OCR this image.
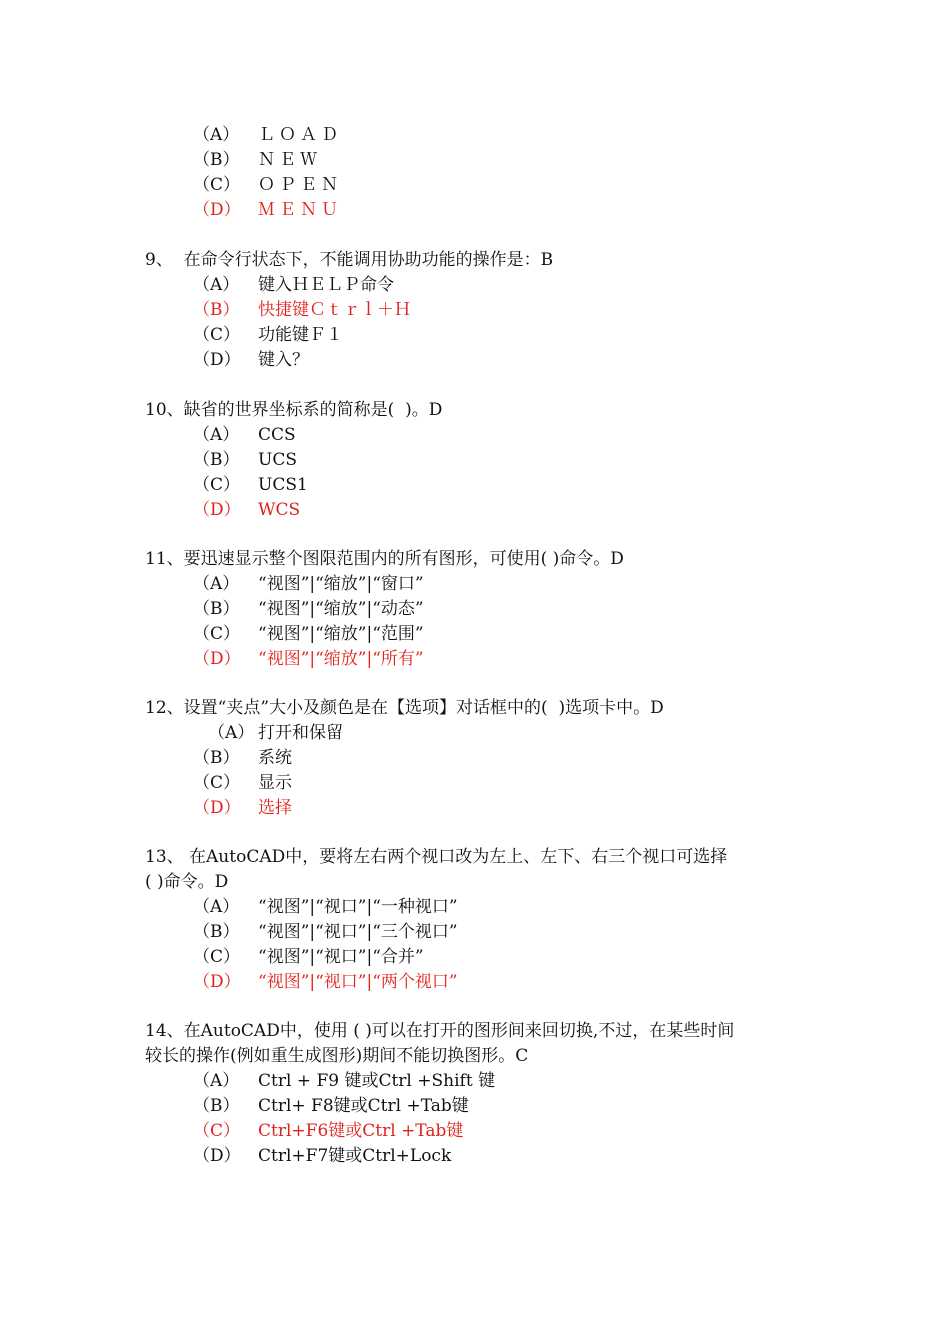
（A）	ＬＯＡＤ
（B）	ＮＥＷ
（C）	ＯＰＥＮ
（D）	ＭＥＮＵ
9、  在命令行状态下，不能调用协助功能的操作是：B
（A）	键入ＨＥＬＰ命令
（B）	快捷键Ｃｔｒｌ＋Ｈ
（C）	功能键Ｆ１
（D）	键入？
10、缺省的世界坐标系的简称是(  )。D
（A）	CCS
（B）	UCS
（C）	UCS1
（D）	WCS
11、要迅速显示整个图限范围内的所有图形，可使用( )命令。D
（A）	“视图”|“缩放”|“窗口”
（B）	“视图”|“缩放”|“动态”
（C）	“视图”|“缩放”|“范围”
（D）	“视图”|“缩放”|“所有”
12、设置“夹点”大小及颜色是在【选项】对话框中的(  )选项卡中。D
（A） 打开和保留
（B）	系统
（C）	显示
（D）	选择
13、 在AutoCAD中，要将左右两个视口改为左上、左下、右三个视口可选择
( )命令。D
（A）	“视图”|“视口”|“一种视口”
（B）	“视图”|“视口”|“三个视口”
（C）	“视图”|“视口”|“合并”
（D）	“视图”|“视口”|“两个视口”
14、在AutoCAD中，使用 ( )可以在打开的图形间来回切换,不过，在某些时间
较长的操作(例如重生成图形)期间不能切换图形。C
（A）	Ctrl + F9 键或Ctrl +Shift 键
（B）	Ctrl+ F8键或Ctrl +Tab键
（C）	Ctrl+F6键或Ctrl +Tab键
（D）	Ctrl+F7键或Ctrl+Lock
